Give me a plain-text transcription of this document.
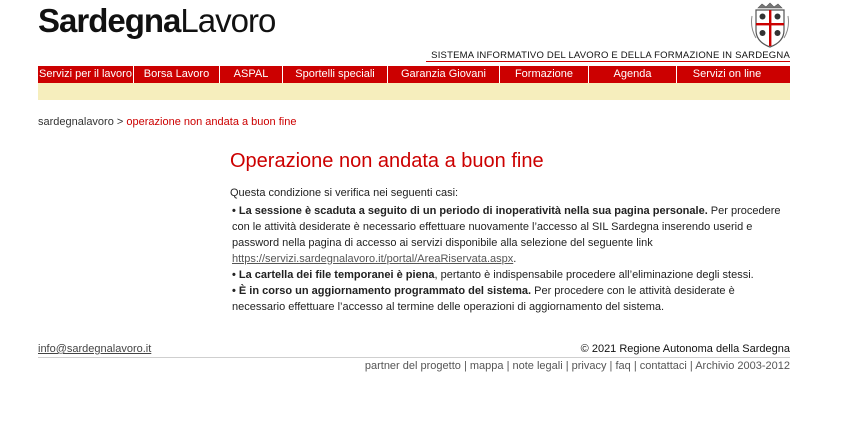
SardegnaLavoro
SISTEMA INFORMATIVO DEL LAVORO E DELLA FORMAZIONE IN SARDEGNA
Servizi per il lavoro	Borsa Lavoro	ASPAL	Sportelli speciali	Garanzia Giovani	Formazione	Agenda	Servizi on line
sardegnalavoro > operazione non andata a buon fine
Operazione non andata a buon fine

Questa condizione si verifica nei seguenti casi:

• La sessione è scaduta a seguito di un periodo di inoperatività nella sua pagina personale. Per procedere con le attività desiderate è necessario effettuare nuovamente l’accesso al SIL Sardegna inserendo userid e password nella pagina di accesso ai servizi disponibile alla selezione del seguente link https://servizi.sardegnalavoro.it/portal/AreaRiservata.aspx.

• La cartella dei file temporanei è piena, pertanto è indispensabile procedere all’eliminazione degli stessi.

• È in corso un aggiornamento programmato del sistema. Per procedere con le attività desiderate è necessario effettuare l’accesso al termine delle operazioni di aggiornamento del sistema.

info@sardegnalavoro.it	© 2021 Regione Autonoma della Sardegna
partner del progetto | mappa | note legali | privacy | faq | contattaci | Archivio 2003-2012
